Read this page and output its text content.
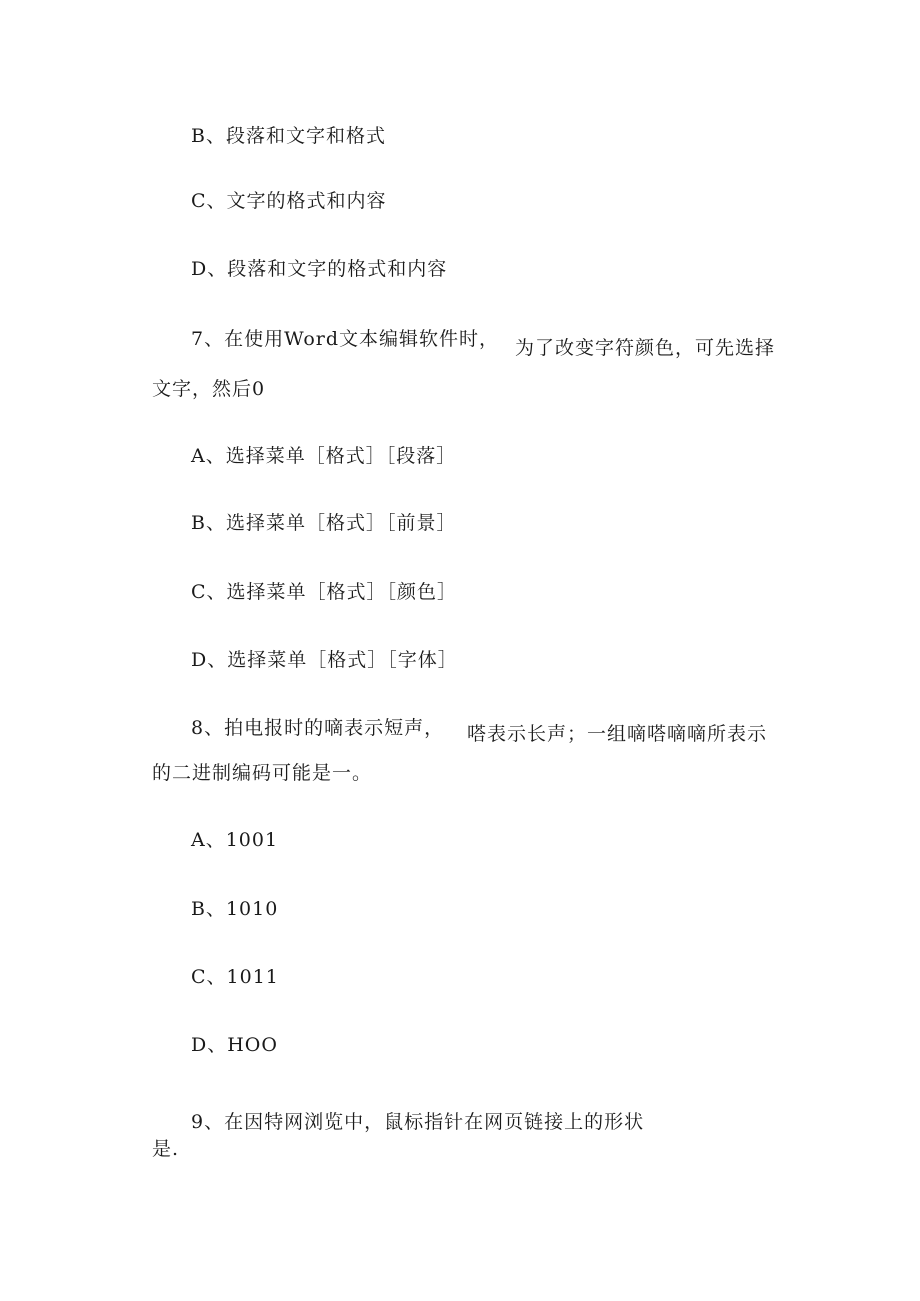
B、段落和文字和格式
C、文字的格式和内容
D、段落和文字的格式和内容
7、在使用Word文本编辑软件时， 为了改变字符颜色，可先选择
文字，然后0
A、选择菜单［格式］［段落］
B、选择菜单［格式］［前景］
C、选择菜单［格式］［颜色］
D、选择菜单［格式］［字体］
8、拍电报时的嘀表示短声， 嗒表示长声；一组嘀嗒嘀嘀所表示
的二进制编码可能是一。
A、1001
B、1010
C、1011
D、HOO
9、在因特网浏览中，鼠标指针在网页链接上的形状
是.
